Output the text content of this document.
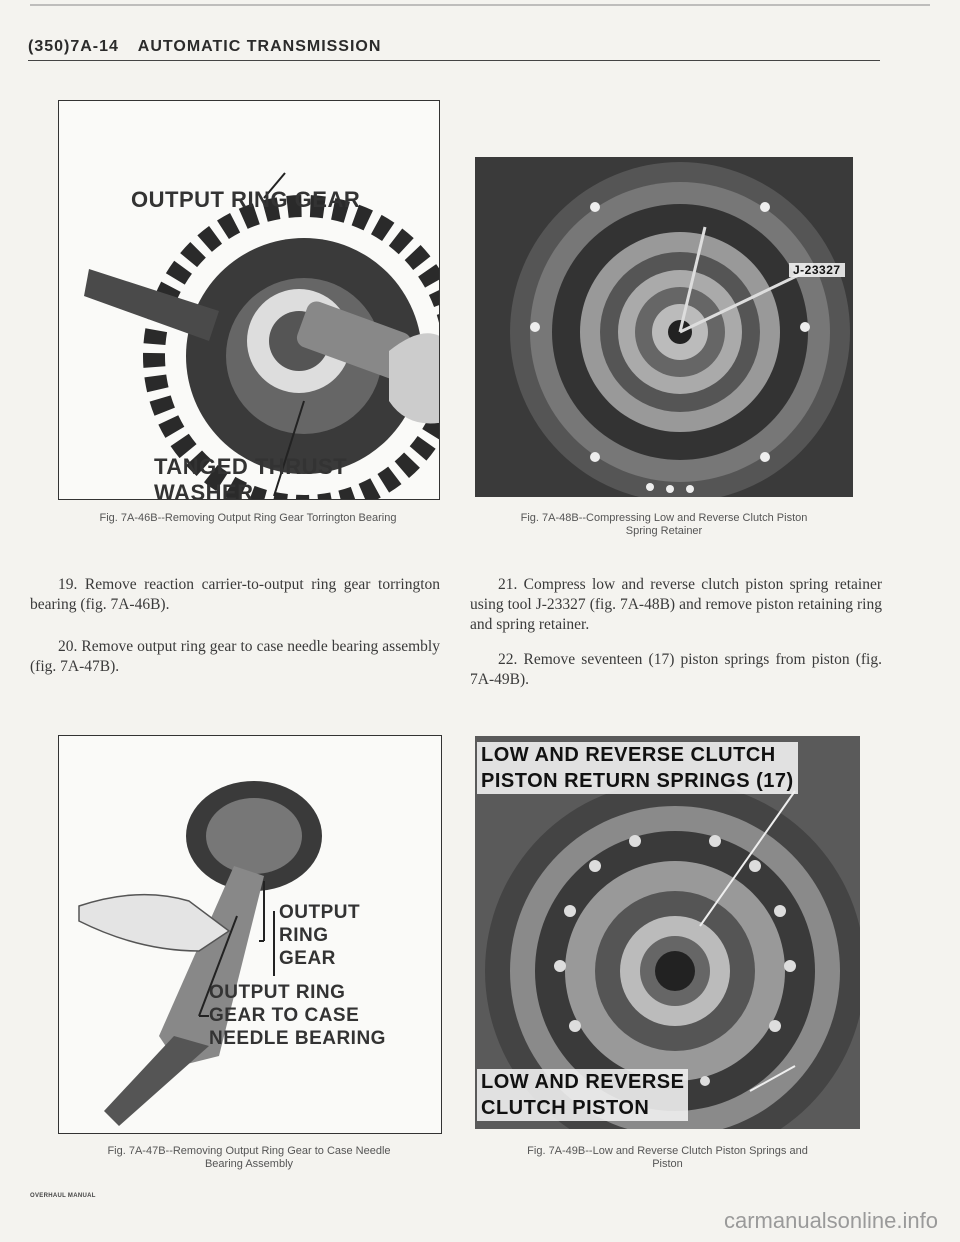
(350)7A-14 AUTOMATIC TRANSMISSION
OUTPUT RING GEAR
TANGED THRUST WASHER
Fig. 7A-46B--Removing Output Ring Gear Torrington Bearing
J-23327
Fig. 7A-48B--Compressing Low and Reverse Clutch Piston
Spring Retainer
19. Remove reaction carrier-to-output ring gear torrington bearing (fig. 7A-46B).
20. Remove output ring gear to case needle bearing assembly (fig. 7A-47B).
21. Compress low and reverse clutch piston spring retainer using tool J-23327 (fig. 7A-48B) and remove piston retaining ring and spring retainer.
22. Remove seventeen (17) piston springs from piston (fig. 7A-49B).
OUTPUT
RING
GEAR
OUTPUT RING
GEAR TO CASE
NEEDLE BEARING
Fig. 7A-47B--Removing Output Ring Gear to Case Needle
Bearing Assembly
LOW AND REVERSE CLUTCH
PISTON RETURN SPRINGS (17)
LOW AND REVERSE
CLUTCH PISTON
Fig. 7A-49B--Low and Reverse Clutch Piston Springs and
Piston
OVERHAUL MANUAL
carmanualsonline.info
